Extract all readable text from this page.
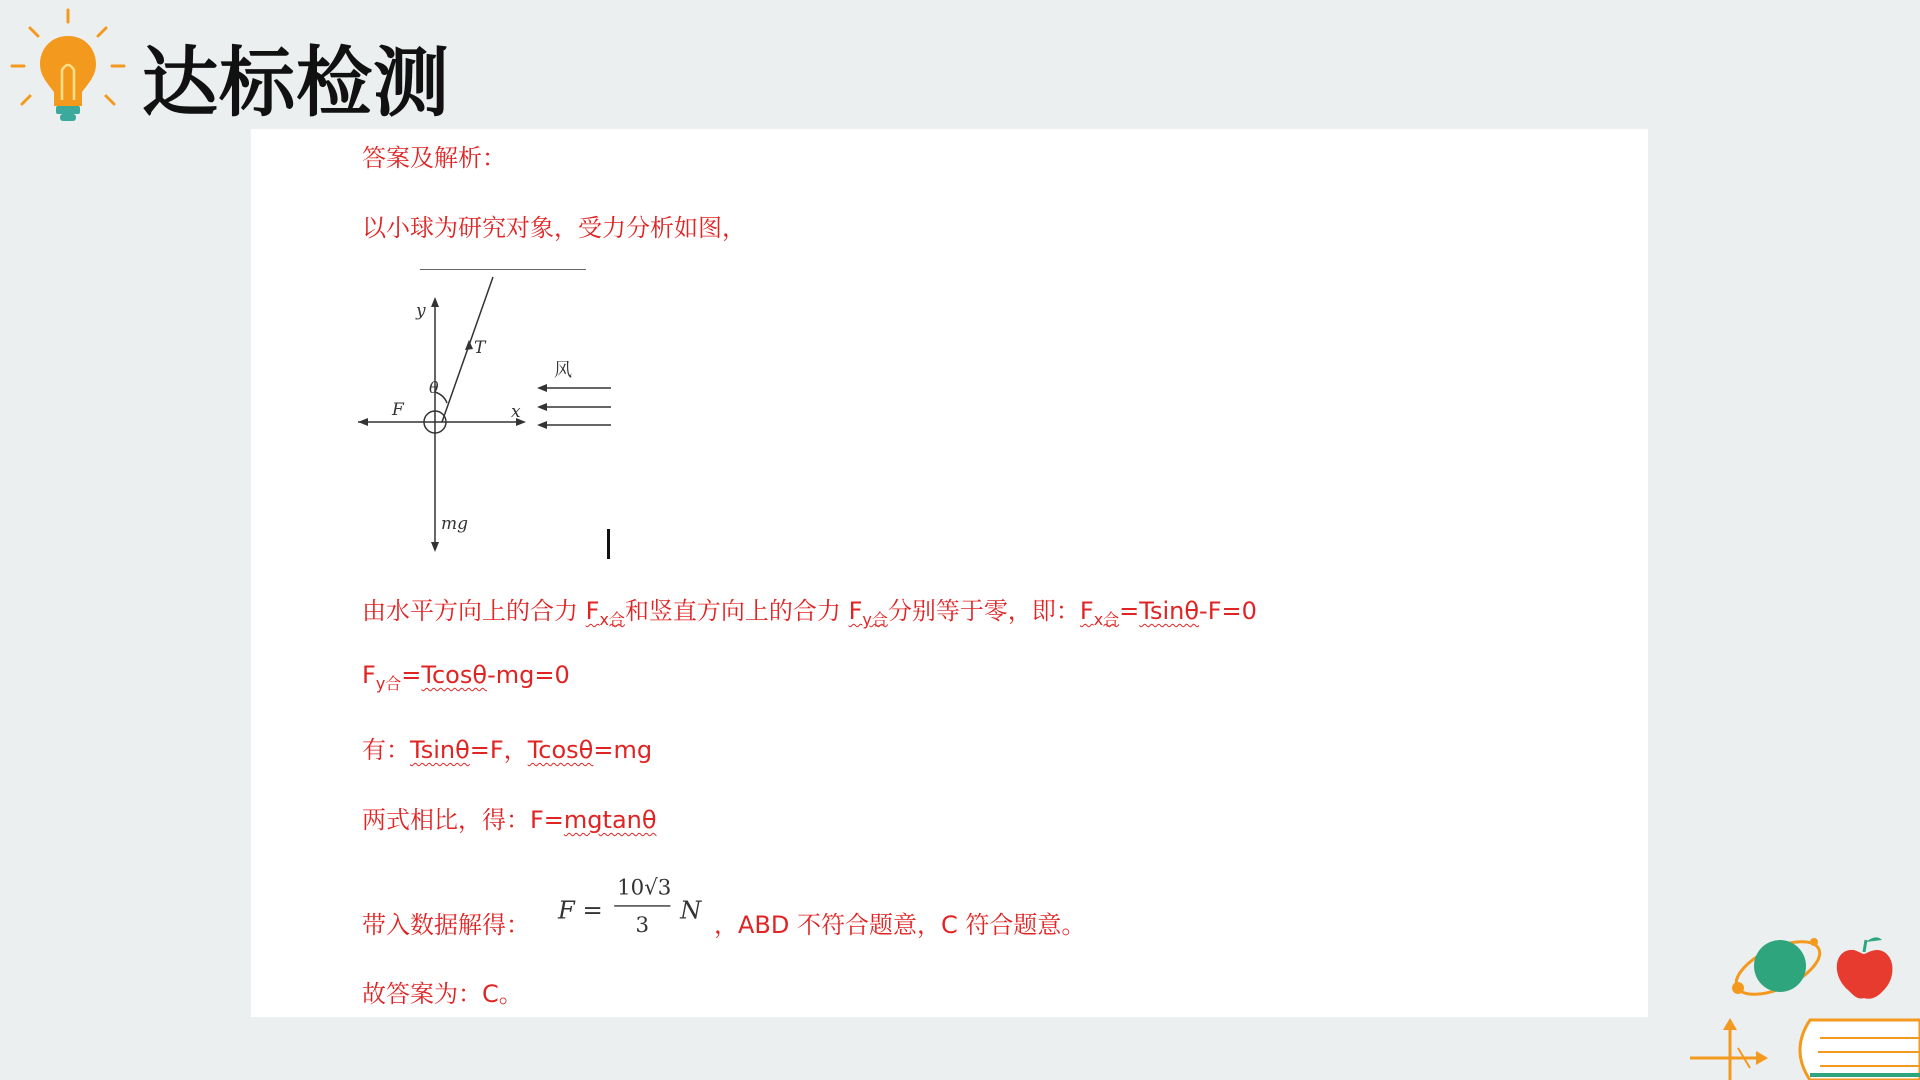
达标检测
答案及解析：
以小球为研究对象，受力分析如图，
y
T
θ
风
F	x
mg
由水平方向上的合力 $F_{x合}$和竖直方向上的合力 $F_{y合}$分别等于零，即：$F_{x合}=Tsin\theta-F=0$
$F_{y合}=Tcos\theta-mg=0$
有：Tsinθ=F，Tcosθ=mg
两式相比，得：F=mgtanθ
带入数据解得：
F =
10√3
3
N
，ABD 不符合题意，C 符合题意。
故答案为：C。
